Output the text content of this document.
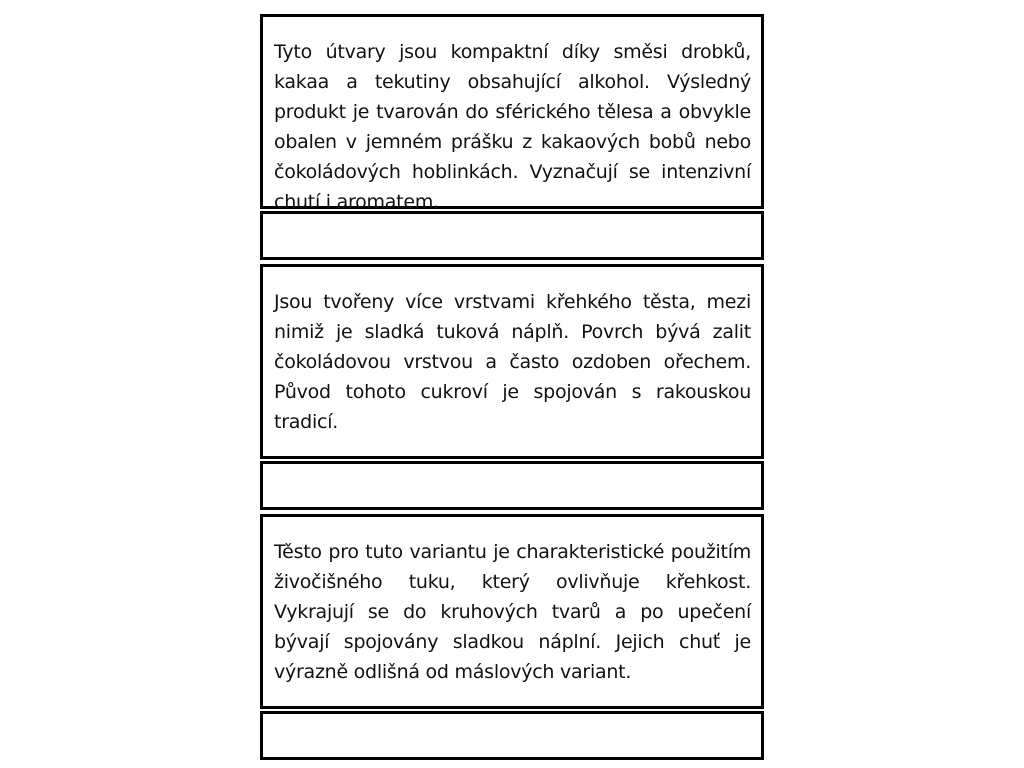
Tyto útvary jsou kompaktní díky směsi drobků, kakaa a tekutiny obsahující alkohol. Výsledný produkt je tvarován do sférického tělesa a obvykle obalen v jemném prášku z kakaových bobů nebo čokoládových hoblinkách. Vyznačují se intenzivní chutí i aromatem.

Jsou tvořeny více vrstvami křehkého těsta, mezi nimiž je sladká tuková náplň. Povrch bývá zalit čokoládovou vrstvou a často ozdoben ořechem. Původ tohoto cukroví je spojován s rakouskou tradicí.

Těsto pro tuto variantu je charakteristické použitím živočišného tuku, který ovlivňuje křehkost. Vykrajují se do kruhových tvarů a po upečení bývají spojovány sladkou náplní. Jejich chuť je výrazně odlišná od máslových variant.
